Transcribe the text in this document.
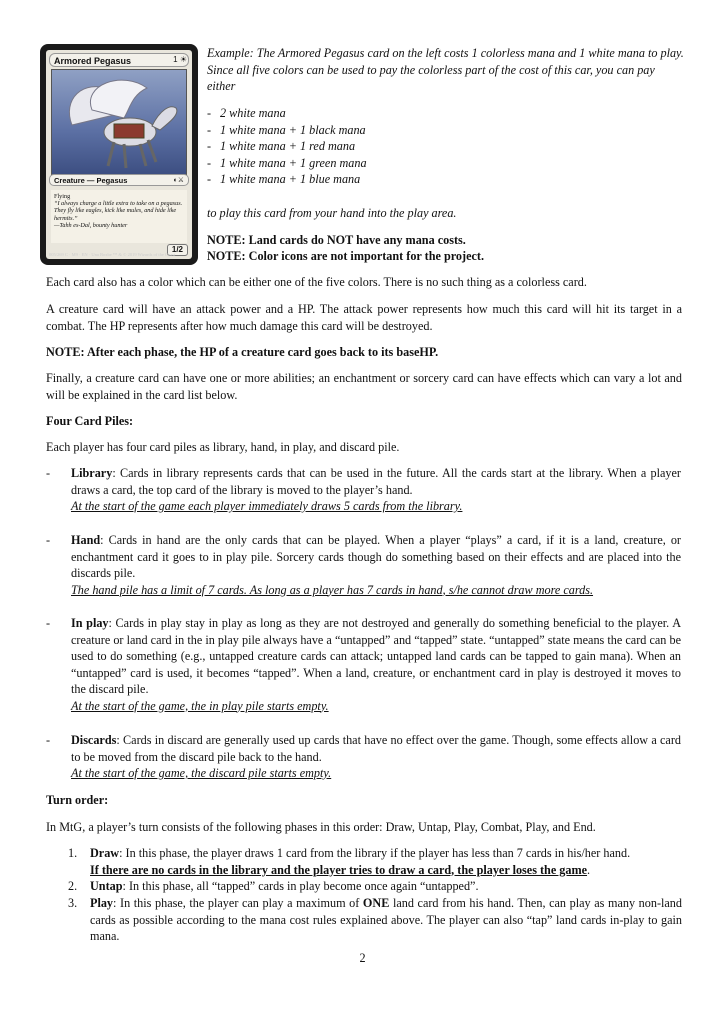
Armored Pegasus	1 ☀
Creature — Pegasus	◐⚔
Flying
“I always charge a little extra to take on a pegasus. They fly like eagles, kick like mules, and hide like hermits.”
—Tahh es-Dal, bounty hunter
1/2
005/269 C · M9 · EN · Una Boxbe ™ & © 2019 Wizards of the Coast

Example: The Armored Pegasus card on the left costs 1 colorless mana and 1 white mana to play. Since all five colors can be used to pay the colorless part of the cost of this car, you can pay either

- 2 white mana
- 1 white mana + 1 black mana
- 1 white mana + 1 red mana
- 1 white mana + 1 green mana
- 1 white mana + 1 blue mana
to play this card from your hand into the play area.
NOTE: Land cards do NOT have any mana costs.
NOTE: Color icons are not important for the project.

Each card also has a color which can be either one of the five colors. There is no such thing as a colorless card.

A creature card will have an attack power and a HP. The attack power represents how much this card will hit its target in a combat. The HP represents after how much damage this card will be destroyed.

NOTE: After each phase, the HP of a creature card goes back to its baseHP.

Finally, a creature card can have one or more abilities; an enchantment or sorcery card can have effects which can vary a lot and will be explained in the card list below.

Four Card Piles:

Each player has four card piles as library, hand, in play, and discard pile.

- Library: Cards in library represents cards that can be used in the future. All the cards start at the library. When a player draws a card, the top card of the library is moved to the player’s hand.
At the start of the game each player immediately draws 5 cards from the library.
- Hand: Cards in hand are the only cards that can be played. When a player “plays” a card, if it is a land, creature, or enchantment card it goes to in play pile. Sorcery cards though do something based on their effects and are placed into the discards pile.
The hand pile has a limit of 7 cards. As long as a player has 7 cards in hand, s/he cannot draw more cards.
- In play: Cards in play stay in play as long as they are not destroyed and generally do something beneficial to the player. A creature or land card in the in play pile always have a “untapped” and “tapped” state. “untapped” state means the card can be used to do something (e.g., untapped creature cards can attack; untapped land cards can be tapped to gain mana). When an “untapped” card is used, it becomes “tapped”. When a land, creature, or enchantment card in play is destroyed it moves to the discard pile.
At the start of the game, the in play pile starts empty.
- Discards: Cards in discard are generally used up cards that have no effect over the game. Though, some effects allow a card to be moved from the discard pile back to the hand.
At the start of the game, the discard pile starts empty.

Turn order:

In MtG, a player’s turn consists of the following phases in this order: Draw, Untap, Play, Combat, Play, and End.

1. Draw: In this phase, the player draws 1 card from the library if the player has less than 7 cards in his/her hand.
If there are no cards in the library and the player tries to draw a card, the player loses the game.
2. Untap: In this phase, all “tapped” cards in play become once again “untapped”.
3. Play: In this phase, the player can play a maximum of ONE land card from his hand. Then, can play as many non-land cards as possible according to the mana cost rules explained above. The player can also “tap” land cards in-play to gain mana.
2
